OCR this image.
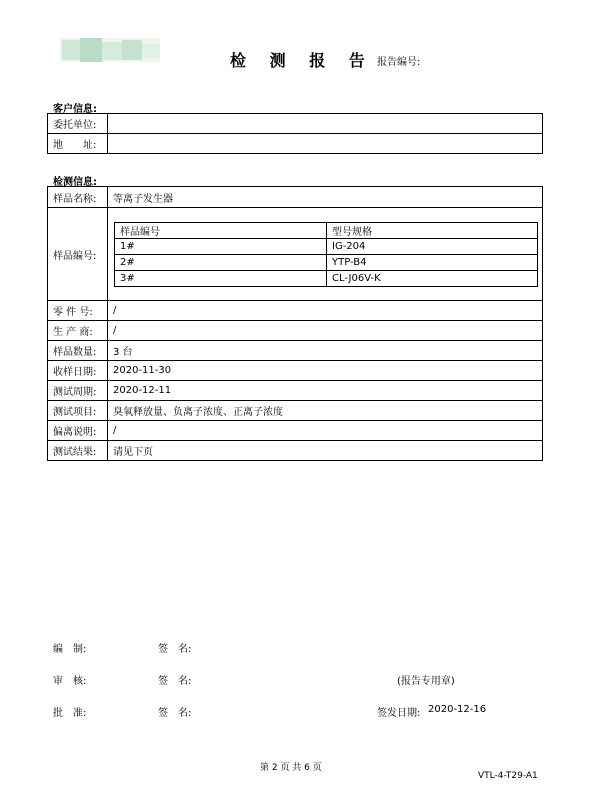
检 测 报 告 报告编号:
客户信息:
委托单位:	
地　　址:	
检测信息:
样品名称:	等离子发生器
样品编号:	
样品编号	型号规格
1#	IG-204
2#	YTP-B4
3#	CL-J06V-K

零 件 号:	/
生 产 商:	/
样品数量:	3 台
收样日期:	2020-11-30
测试周期:	2020-12-11
测试项目:	臭氧释放量、负离子浓度、正离子浓度
偏离说明:	/
测试结果:	请见下页
编　制:	签　名:
审　核:	签　名:	(报告专用章)
批　准:	签　名:	签发日期: 2020-12-16
第 2 页 共 6 页
VTL-4-T29-A1
